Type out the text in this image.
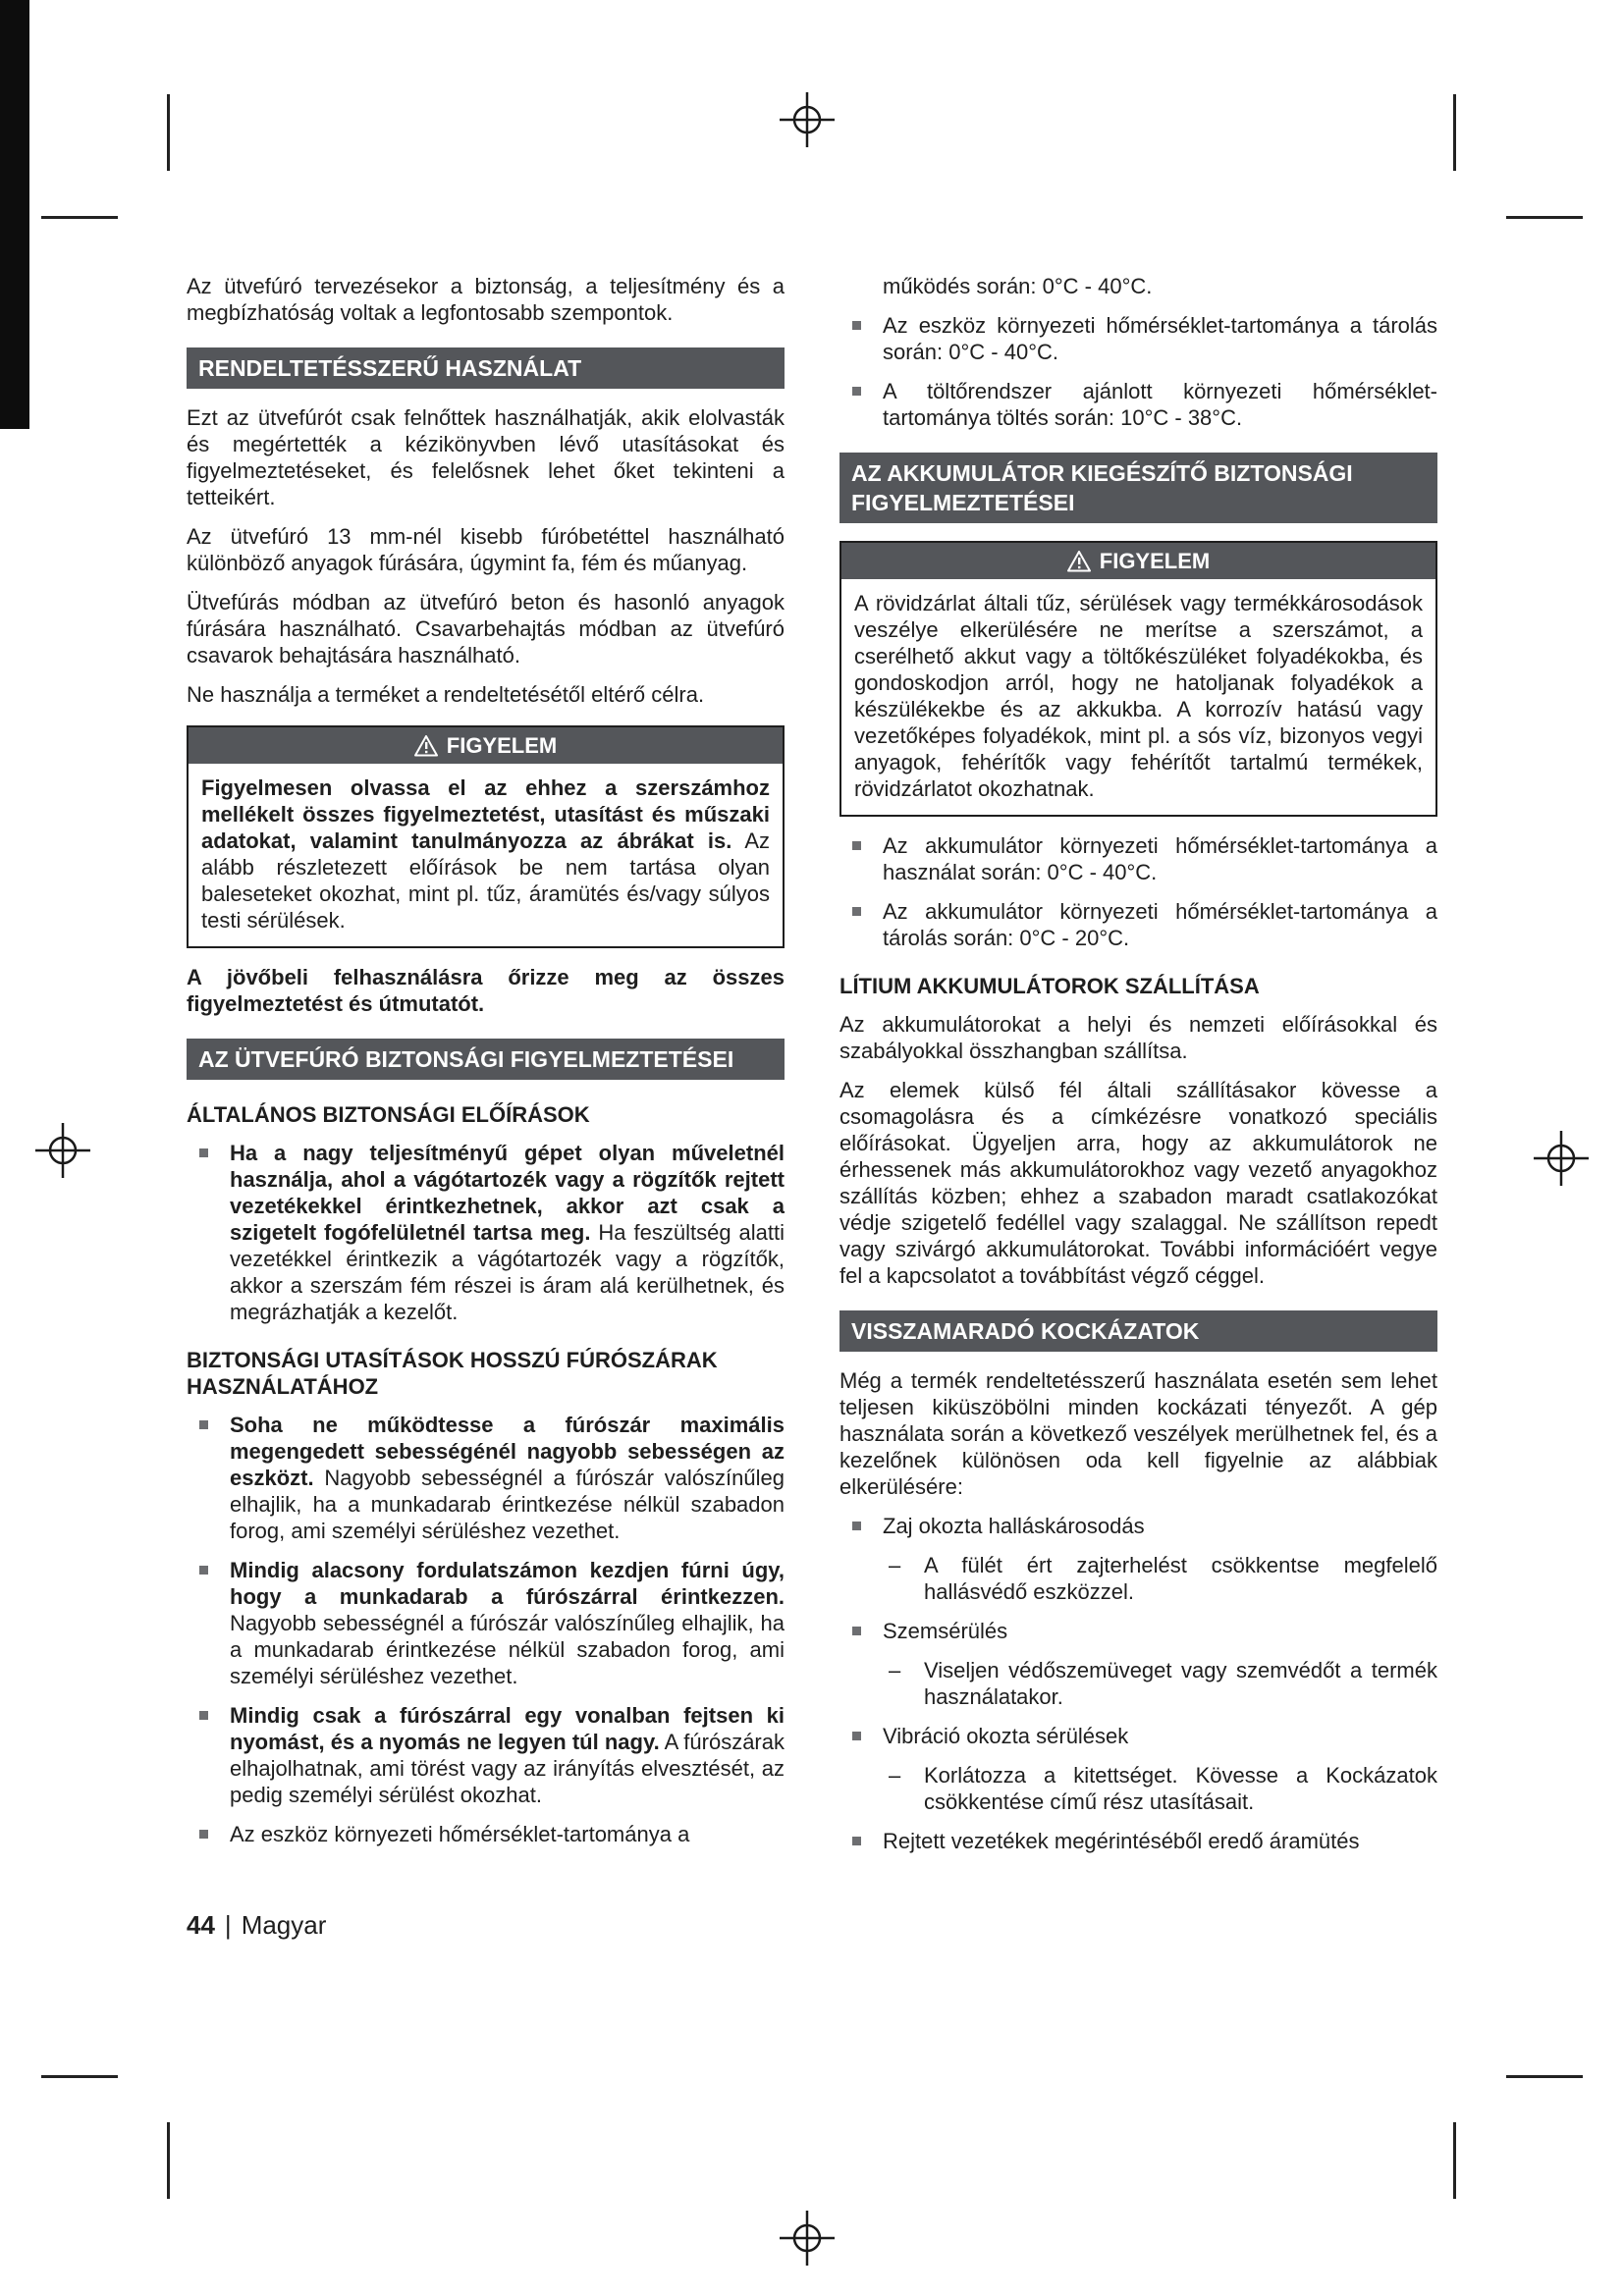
Az ütvefúró tervezésekor a biztonság, a teljesítmény és a megbízhatóság voltak a legfontosabb szempontok.

RENDELTETÉSSZERŰ HASZNÁLAT

Ezt az ütvefúrót csak felnőttek használhatják, akik elolvasták és megértették a kézikönyvben lévő utasításokat és figyelmeztetéseket, és felelősnek lehet őket tekinteni a tetteikért.

Az ütvefúró 13 mm-nél kisebb fúróbetéttel használható különböző anyagok fúrására, úgymint fa, fém és műanyag.

Ütvefúrás módban az ütvefúró beton és hasonló anyagok fúrására használható. Csavarbehajtás módban az ütvefúró csavarok behajtására használható.

Ne használja a terméket a rendeltetésétől eltérő célra.

FIGYELEM
Figyelmesen olvassa el az ehhez a szerszámhoz mellékelt összes figyelmeztetést, utasítást és műszaki adatokat, valamint tanulmányozza az ábrákat is. Az alább részletezett előírások be nem tartása olyan baleseteket okozhat, mint pl. tűz, áramütés és/vagy súlyos testi sérülések.

A jövőbeli felhasználásra őrizze meg az összes figyelmeztetést és útmutatót.

AZ ÜTVEFÚRÓ BIZTONSÁGI FIGYELMEZTETÉSEI
ÁLTALÁNOS BIZTONSÁGI ELŐÍRÁSOK
Ha a nagy teljesítményű gépet olyan műveletnél használja, ahol a vágótartozék vagy a rögzítők rejtett vezetékekkel érintkezhetnek, akkor azt csak a szigetelt fogófelületnél tartsa meg. Ha feszültség alatti vezetékkel érintkezik a vágótartozék vagy a rögzítők, akkor a szerszám fém részei is áram alá kerülhetnek, és megrázhatják a kezelőt.
BIZTONSÁGI UTASÍTÁSOK HOSSZÚ FÚRÓSZÁRAK HASZNÁLATÁHOZ
Soha ne működtesse a fúrószár maximális megengedett sebességénél nagyobb sebességen az eszközt. Nagyobb sebességnél a fúrószár valószínűleg elhajlik, ha a munkadarab érintkezése nélkül szabadon forog, ami személyi sérüléshez vezethet.
Mindig alacsony fordulatszámon kezdjen fúrni úgy, hogy a munkadarab a fúrószárral érintkezzen. Nagyobb sebességnél a fúrószár valószínűleg elhajlik, ha a munkadarab érintkezése nélkül szabadon forog, ami személyi sérüléshez vezethet.
Mindig csak a fúrószárral egy vonalban fejtsen ki nyomást, és a nyomás ne legyen túl nagy. A fúrószárak elhajolhatnak, ami törést vagy az irányítás elvesztését, az pedig személyi sérülést okozhat.
Az eszköz környezeti hőmérséklet-tartománya a

működés során: 0°C - 40°C.

Az eszköz környezeti hőmérséklet-tartománya a tárolás során: 0°C - 40°C.
A töltőrendszer ajánlott környezeti hőmérséklet-tartománya töltés során: 10°C - 38°C.
AZ AKKUMULÁTOR KIEGÉSZÍTŐ BIZTONSÁGI FIGYELMEZTETÉSEI
FIGYELEM
A rövidzárlat általi tűz, sérülések vagy termékkárosodások veszélye elkerülésére ne merítse a szerszámot, a cserélhető akkut vagy a töltőkészüléket folyadékokba, és gondoskodjon arról, hogy ne hatoljanak folyadékok a készülékekbe és az akkukba. A korrozív hatású vagy vezetőképes folyadékok, mint pl. a sós víz, bizonyos vegyi anyagok, fehérítők vagy fehérítőt tartalmú termékek, rövidzárlatot okozhatnak.
Az akkumulátor környezeti hőmérséklet-tartománya a használat során: 0°C - 40°C.
Az akkumulátor környezeti hőmérséklet-tartománya a tárolás során: 0°C - 20°C.
LÍTIUM AKKUMULÁTOROK SZÁLLÍTÁSA

Az akkumulátorokat a helyi és nemzeti előírásokkal és szabályokkal összhangban szállítsa.

Az elemek külső fél általi szállításakor kövesse a csomagolásra és a címkézésre vonatkozó speciális előírásokat. Ügyeljen arra, hogy az akkumulátorok ne érhessenek más akkumulátorokhoz vagy vezető anyagokhoz szállítás közben; ehhez a szabadon maradt csatlakozókat védje szigetelő fedéllel vagy szalaggal. Ne szállítson repedt vagy szivárgó akkumulátorokat. További információért vegye fel a kapcsolatot a továbbítást végző céggel.

VISSZAMARADÓ KOCKÁZATOK

Még a termék rendeltetésszerű használata esetén sem lehet teljesen kiküszöbölni minden kockázati tényezőt. A gép használata során a következő veszélyek merülhetnek fel, és a kezelőnek különösen oda kell figyelnie az alábbiak elkerülésére:

Zaj okozta halláskárosodás
– A fülét ért zajterhelést csökkentse megfelelő hallásvédő eszközzel.
Szemsérülés
– Viseljen védőszemüveget vagy szemvédőt a termék használatakor.
Vibráció okozta sérülések
– Korlátozza a kitettséget. Kövesse a Kockázatok csökkentése című rész utasításait.
Rejtett vezetékek megérintéséből eredő áramütés
44 | Magyar
